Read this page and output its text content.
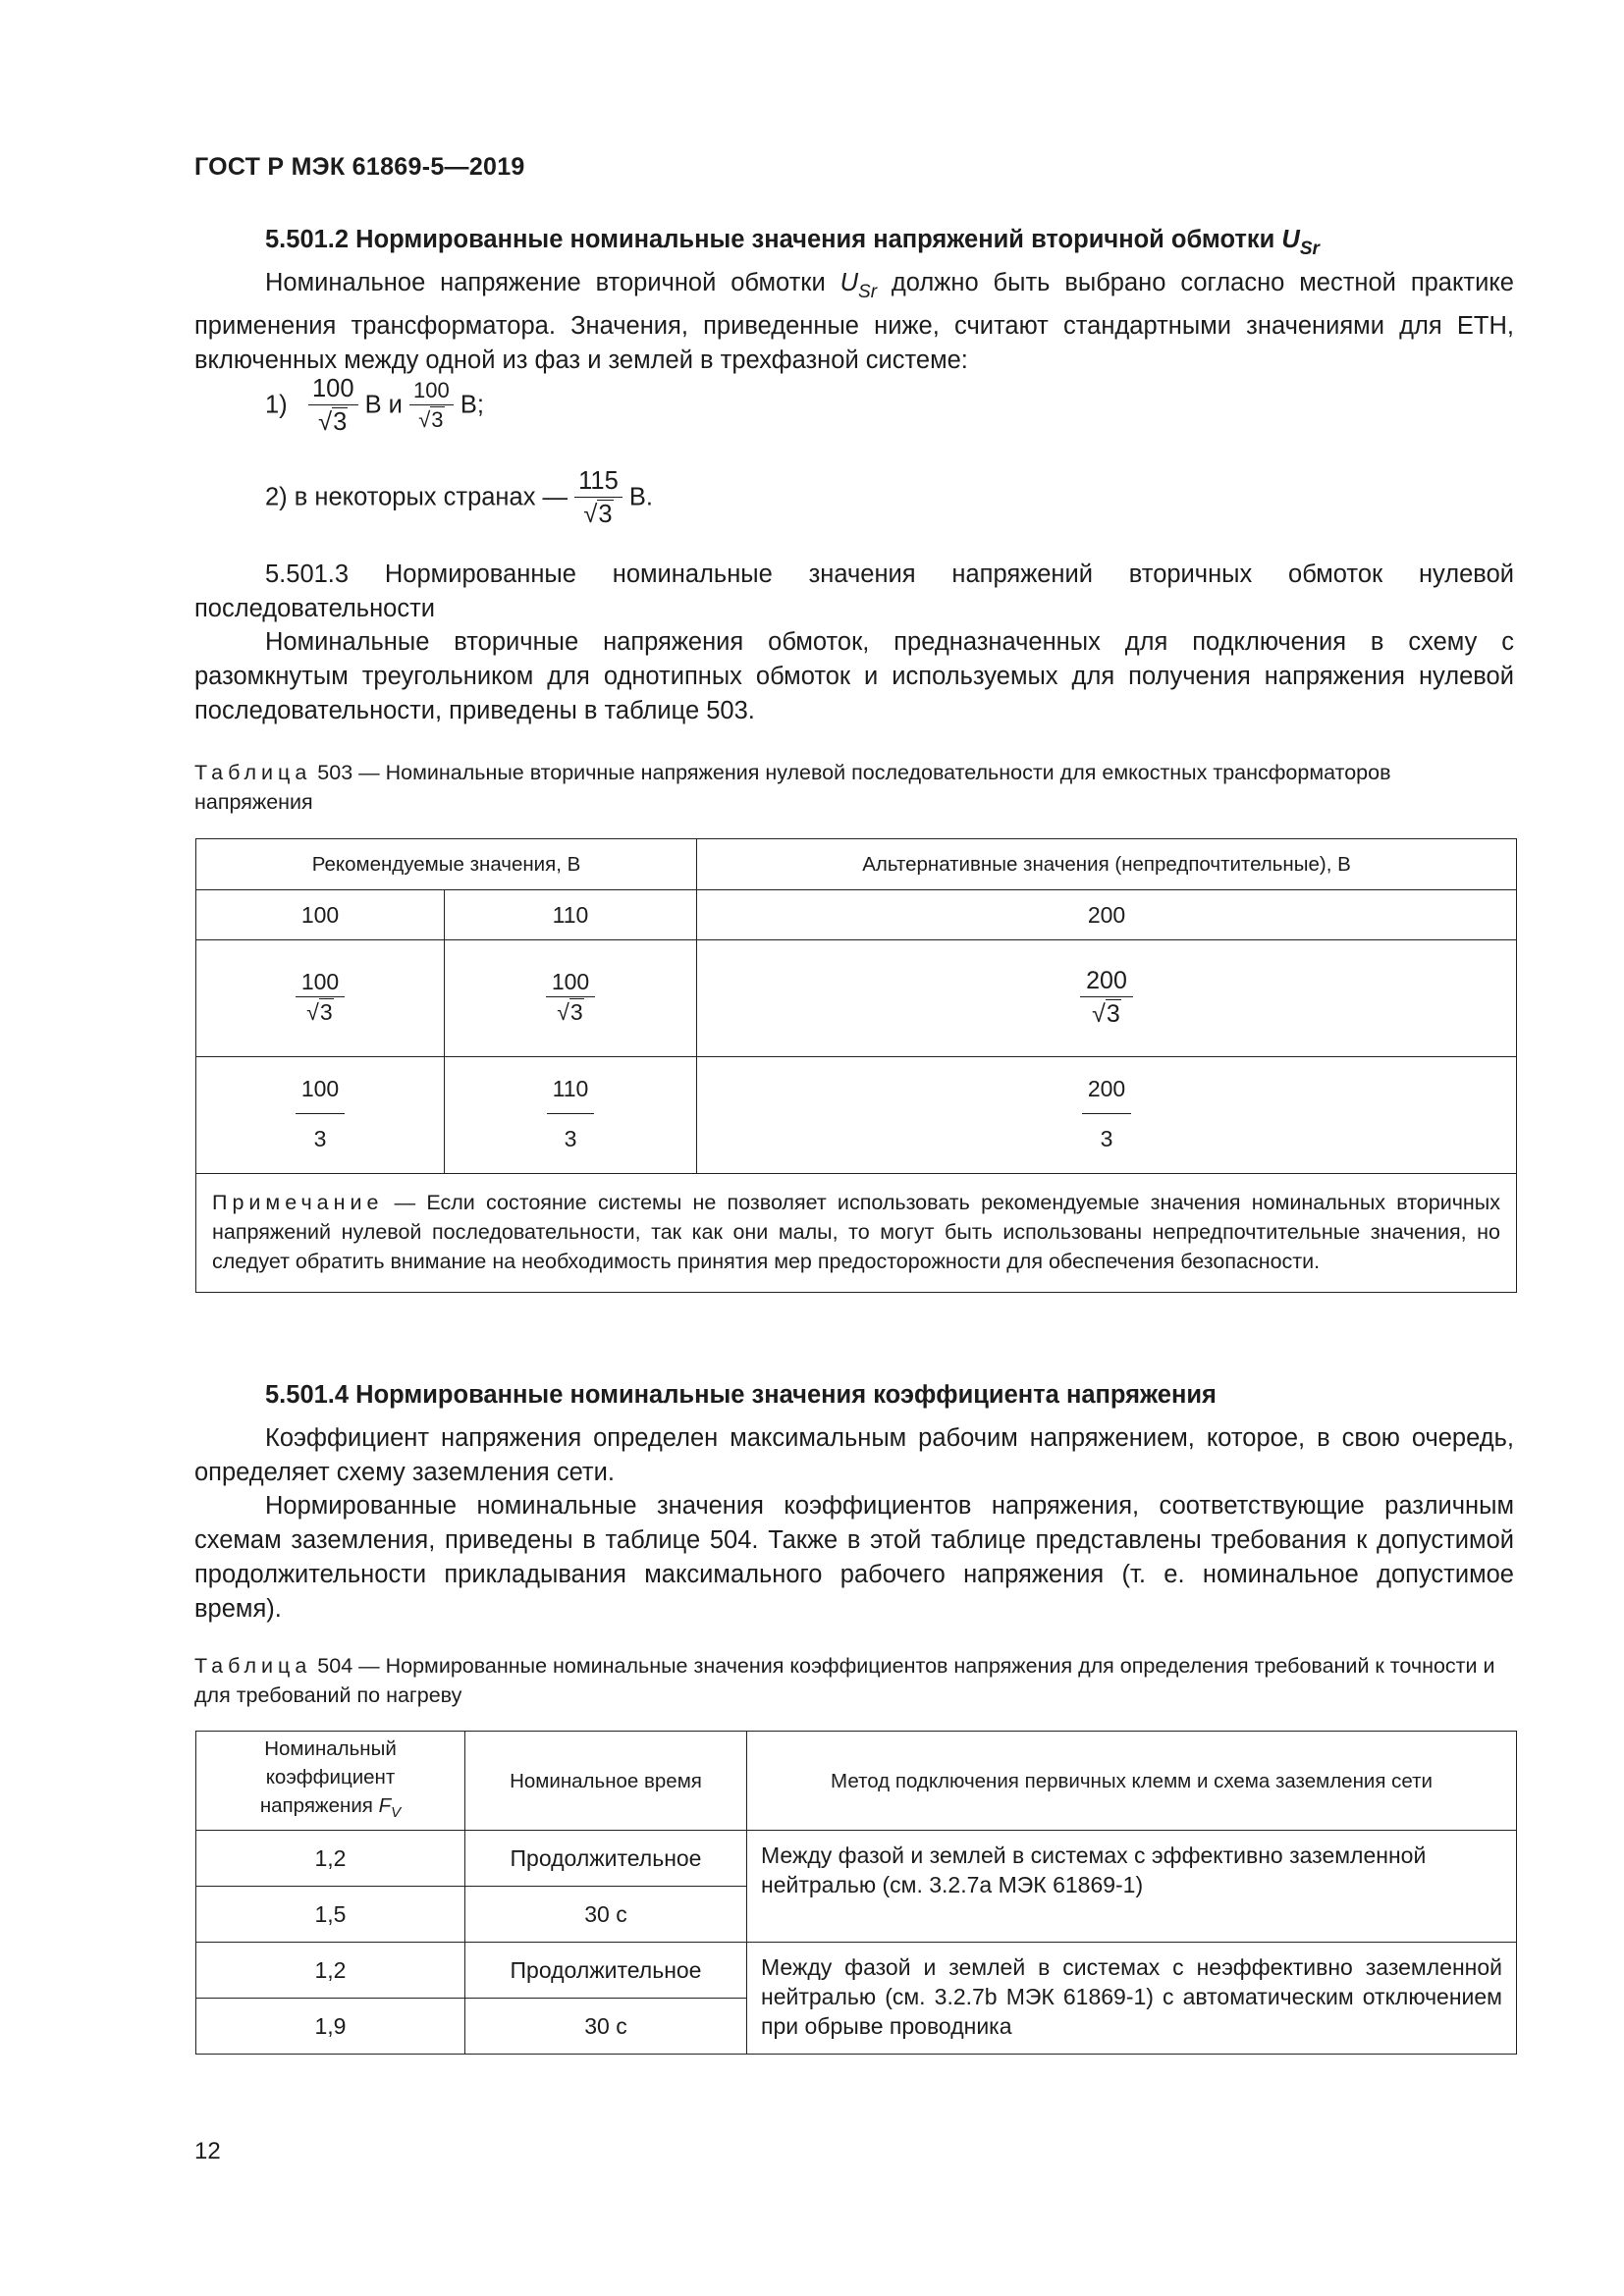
ГОСТ Р МЭК 61869-5—2019
5.501.2 Нормированные номинальные значения напряжений вторичной обмотки $U_{Sr}$
Номинальное напряжение вторичной обмотки $U_{Sr}$ должно быть выбрано согласно местной практике применения трансформатора. Значения, приведенные ниже, считают стандартными значениями для ЕТН, включенных между одной из фаз и землей в трехфазной системе:
$1) \frac{100}{√3}$ В и $\frac{100}{√3} В$;
2) в некоторых странах — $\frac{115}{√3} В$.
5.501.3 Нормированные номинальные значения напряжений вторичных обмоток нулевой последовательности
Номинальные вторичные напряжения обмоток, предназначенных для подключения в схему с разомкнутым треугольником для однотипных обмоток и используемых для получения напряжения нулевой последовательности, приведены в таблице 503.
Таблица 503 — Номинальные вторичные напряжения нулевой последовательности для емкостных трансформаторов напряжения
Рекомендуемые значения, В		Альтернативные значения (непредпочтительные), В
100	110	200

$\frac{100}{√3}$	$\frac{100}{√3}$	$\frac{200}{√3}$

$\frac{100}{3}$	$\frac{110}{3}$	$\frac{200}{3}$

Примечание — Если состояние системы не позволяет использовать рекомендуемые значения номинальных вторичных напряжений нулевой последовательности, так как они малы, то могут быть использованы непредпочтительные значения, но следует обратить внимание на необходимость принятия мер предосторожности для обеспечения безопасности.		
5.501.4 Нормированные номинальные значения коэффициента напряжения
Коэффициент напряжения определен максимальным рабочим напряжением, которое, в свою очередь, определяет схему заземления сети.
Нормированные номинальные значения коэффициентов напряжения, соответствующие различным схемам заземления, приведены в таблице 504. Также в этой таблице представлены требования к допустимой продолжительности прикладывания максимального рабочего напряжения (т. е. номинальное допустимое время).
Таблица 504 — Нормированные номинальные значения коэффициентов напряжения для определения требований к точности и для требований по нагреву
Номинальный
коэффициент
напряжения $F_V$	Номинальное время	Метод подключения первичных клемм и схема заземления сети
1,2	Продолжительное	Между фазой и землей в системах с эффективно заземленной нейтралью (см. 3.2.7а МЭК 61869-1)
1,5	30 с	
1,2	Продолжительное	Между фазой и землей в системах с неэффективно заземленной нейтралью (см. 3.2.7b МЭК 61869-1) с автоматическим отключением при обрыве проводника
1,9	30 с	
12
